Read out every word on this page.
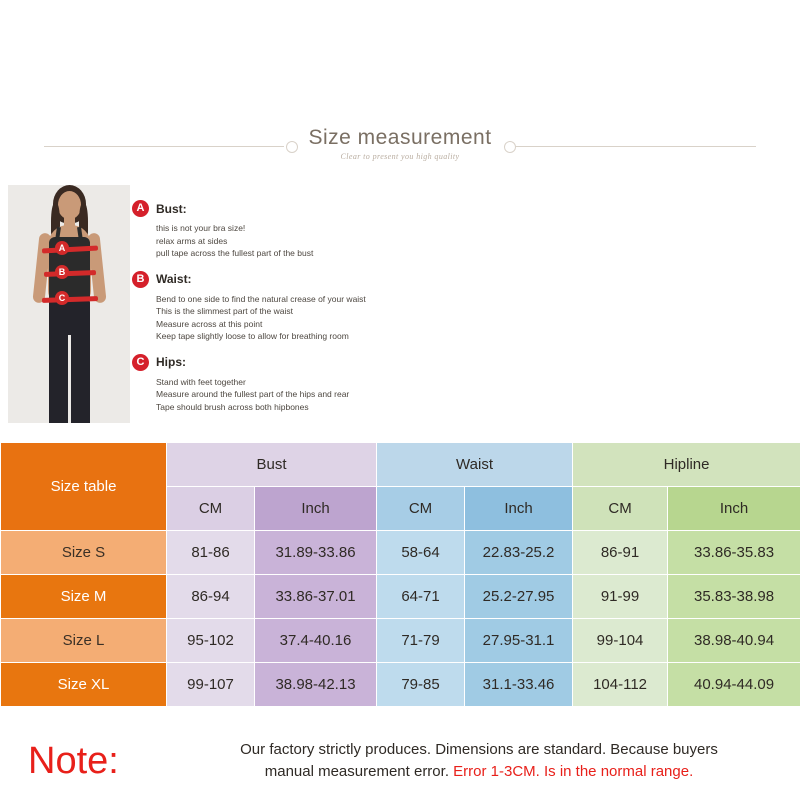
Size measurement
Clear to present you high quality
A
B
C
A Bust:
this is not your bra size!
relax arms at sides
pull tape across the fullest part of the bust
B Waist:
Bend to one side to find the natural crease of your waist
This is the slimmest part of the waist
Measure across at this point
Keep tape slightly loose to allow for breathing room
C Hips:
Stand with feet together
Measure around the fullest part of the hips and rear
Tape should brush across both hipbones
Size table	Bust		Waist		Hipline	
	CM	Inch	CM	Inch	CM	Inch
Size S	81-86	31.89-33.86	58-64	22.83-25.2	86-91	33.86-35.83
Size M	86-94	33.86-37.01	64-71	25.2-27.95	91-99	35.83-38.98
Size L	95-102	37.4-40.16	71-79	27.95-31.1	99-104	38.98-40.94
Size XL	99-107	38.98-42.13	79-85	31.1-33.46	104-112	40.94-44.09
Note:	Our factory strictly produces. Dimensions are standard. Because buyers
manual measurement error. Error 1-3CM. Is in the normal range.
